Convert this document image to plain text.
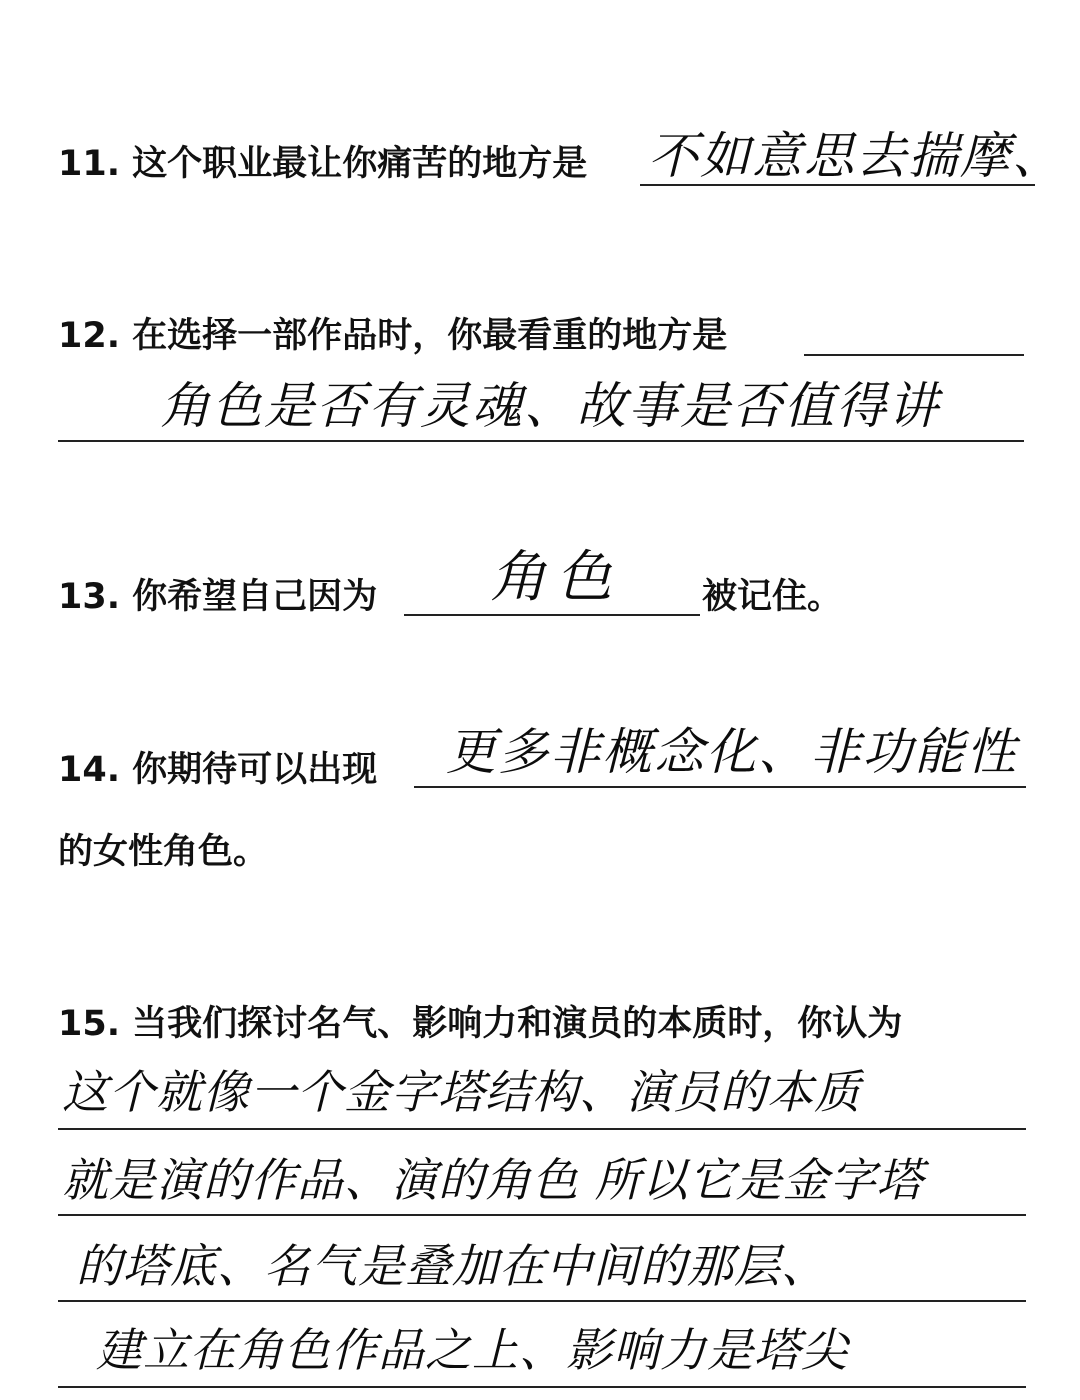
11. 这个职业最让你痛苦的地方是 不如意思去揣摩、
12. 在选择一部作品时，你最看重的地方是
角色是否有灵魂、故事是否值得讲
13. 你希望自己因为 角色 被记住。
14. 你期待可以出现 更多非概念化、非功能性
的女性角色。
15. 当我们探讨名气、影响力和演员的本质时，你认为
这个就像一个金字塔结构、演员的本质
就是演的作品、演的角色 所以它是金字塔
的塔底、名气是叠加在中间的那层、
建立在角色作品之上、影响力是塔尖
